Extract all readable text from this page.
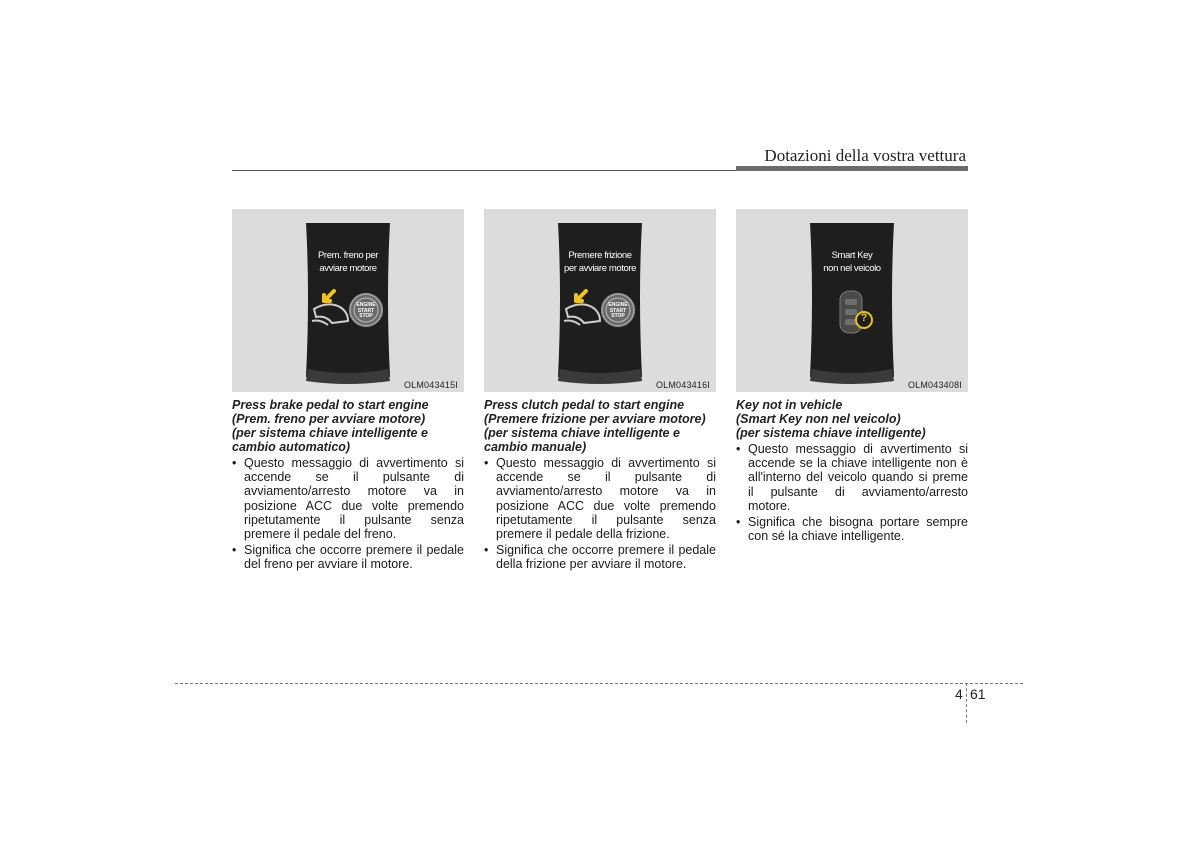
Dotazioni della vostra vettura
Prem. freno per
avviare motore
ENGINE
START
STOP
OLM043415I
Press brake pedal to start engine
(Prem. freno per avviare motore)
(per sistema chiave intelligente e
cambio automatico)
• Questo messaggio di avvertimento si accende se il pulsante di avviamento/arresto motore va in posizione ACC due volte premendo ripetutamente il pulsante senza premere il pedale del freno.
• Significa che occorre premere il pedale del freno per avviare il motore.
Premere frizione
per avviare motore
ENGINE
START
STOP
OLM043416I
Press clutch pedal to start engine
(Premere frizione per avviare motore)
(per sistema chiave intelligente e
cambio manuale)
• Questo messaggio di avvertimento si accende se il pulsante di avviamento/arresto motore va in posizione ACC due volte premendo ripetutamente il pulsante senza premere il pedale della frizione.
• Significa che occorre premere il pedale della frizione per avviare il motore.
?
Smart Key
non nel veicolo
OLM043408I
Key not in vehicle
(Smart Key non nel veicolo)
(per sistema chiave intelligente)
• Questo messaggio di avvertimento si accende se la chiave intelligente non è all'interno del veicolo quando si preme il pulsante di avviamento/arresto motore.
• Significa che bisogna portare sempre con sé la chiave intelligente.
4 61
